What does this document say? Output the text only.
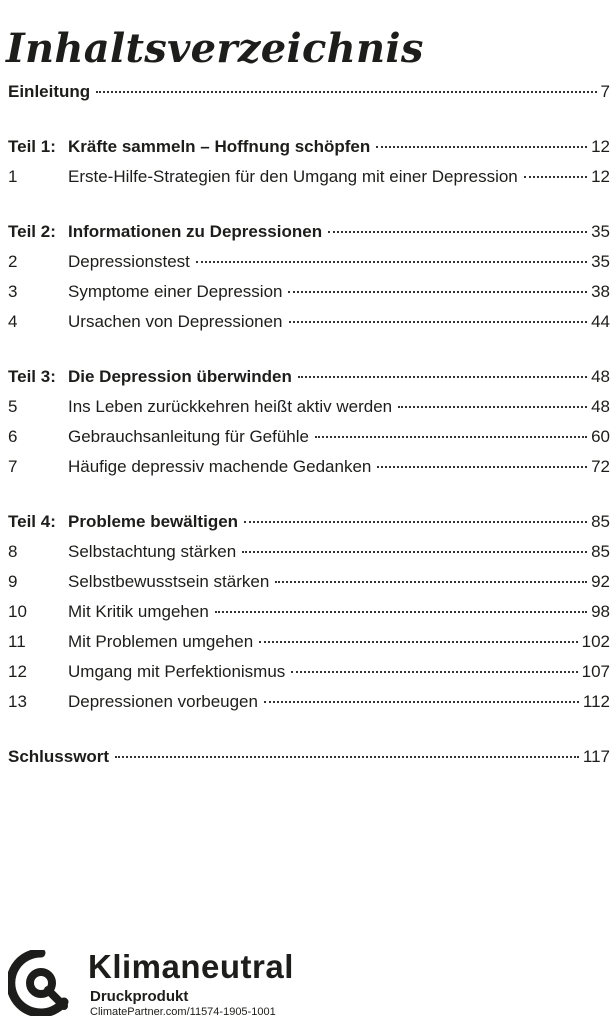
Inhaltsverzeichnis
Einleitung	7
Teil 1: Kräfte sammeln – Hoffnung schöpfen	12
1	Erste-Hilfe-Strategien für den Umgang mit einer Depression	12
Teil 2: Informationen zu Depressionen	35
2	Depressionstest	35
3	Symptome einer Depression	38
4	Ursachen von Depressionen	44
Teil 3: Die Depression überwinden	48
5	Ins Leben zurückkehren heißt aktiv werden	48
6	Gebrauchsanleitung für Gefühle	60
7	Häufige depressiv machende Gedanken	72
Teil 4: Probleme bewältigen	85
8	Selbstachtung stärken	85
9	Selbstbewusstsein stärken	92
10	Mit Kritik umgehen	98
11	Mit Problemen umgehen	102
12	Umgang mit Perfektionismus	107
13	Depressionen vorbeugen	112
Schlusswort	117
Klimaneutral
Druckprodukt
ClimatePartner.com/11574-1905-1001
